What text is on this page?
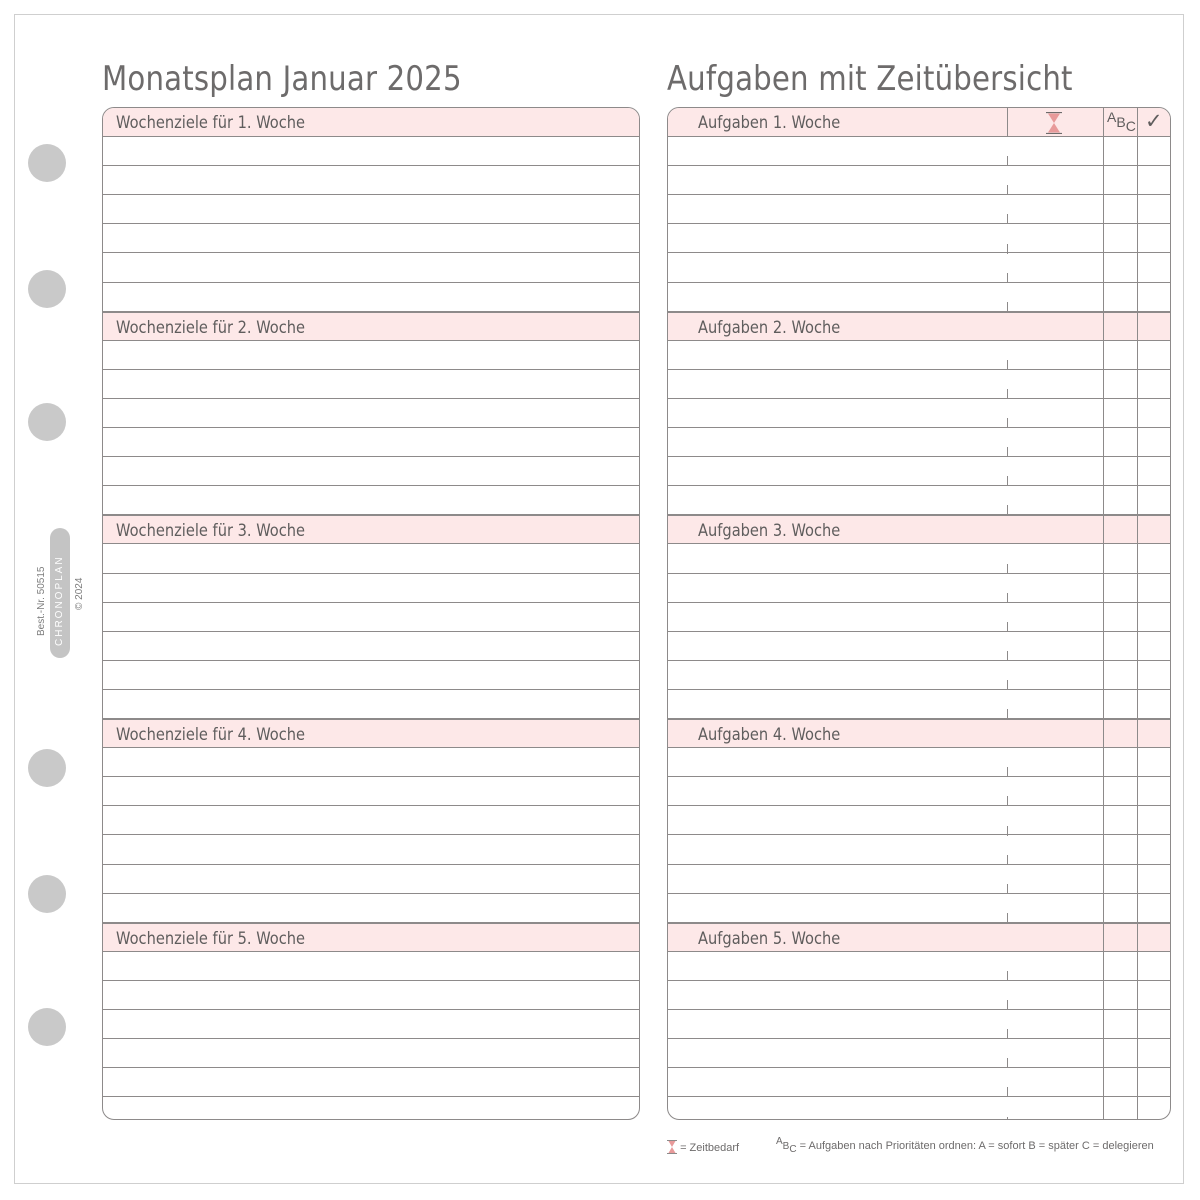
Monatsplan Januar 2025	Aufgaben mit Zeitübersicht
Best.-Nr. 50515 CHRONOPLAN © 2024
Wochenziele für 1. Woche
Wochenziele für 2. Woche
Wochenziele für 3. Woche
Wochenziele für 4. Woche
Wochenziele für 5. Woche
Aufgaben 1. Woche
Aufgaben 2. Woche
Aufgaben 3. Woche
Aufgaben 4. Woche
Aufgaben 5. Woche
ABC ✓
= Zeitbedarf
ABC = Aufgaben nach Prioritäten ordnen: A = sofort B = später C = delegieren
